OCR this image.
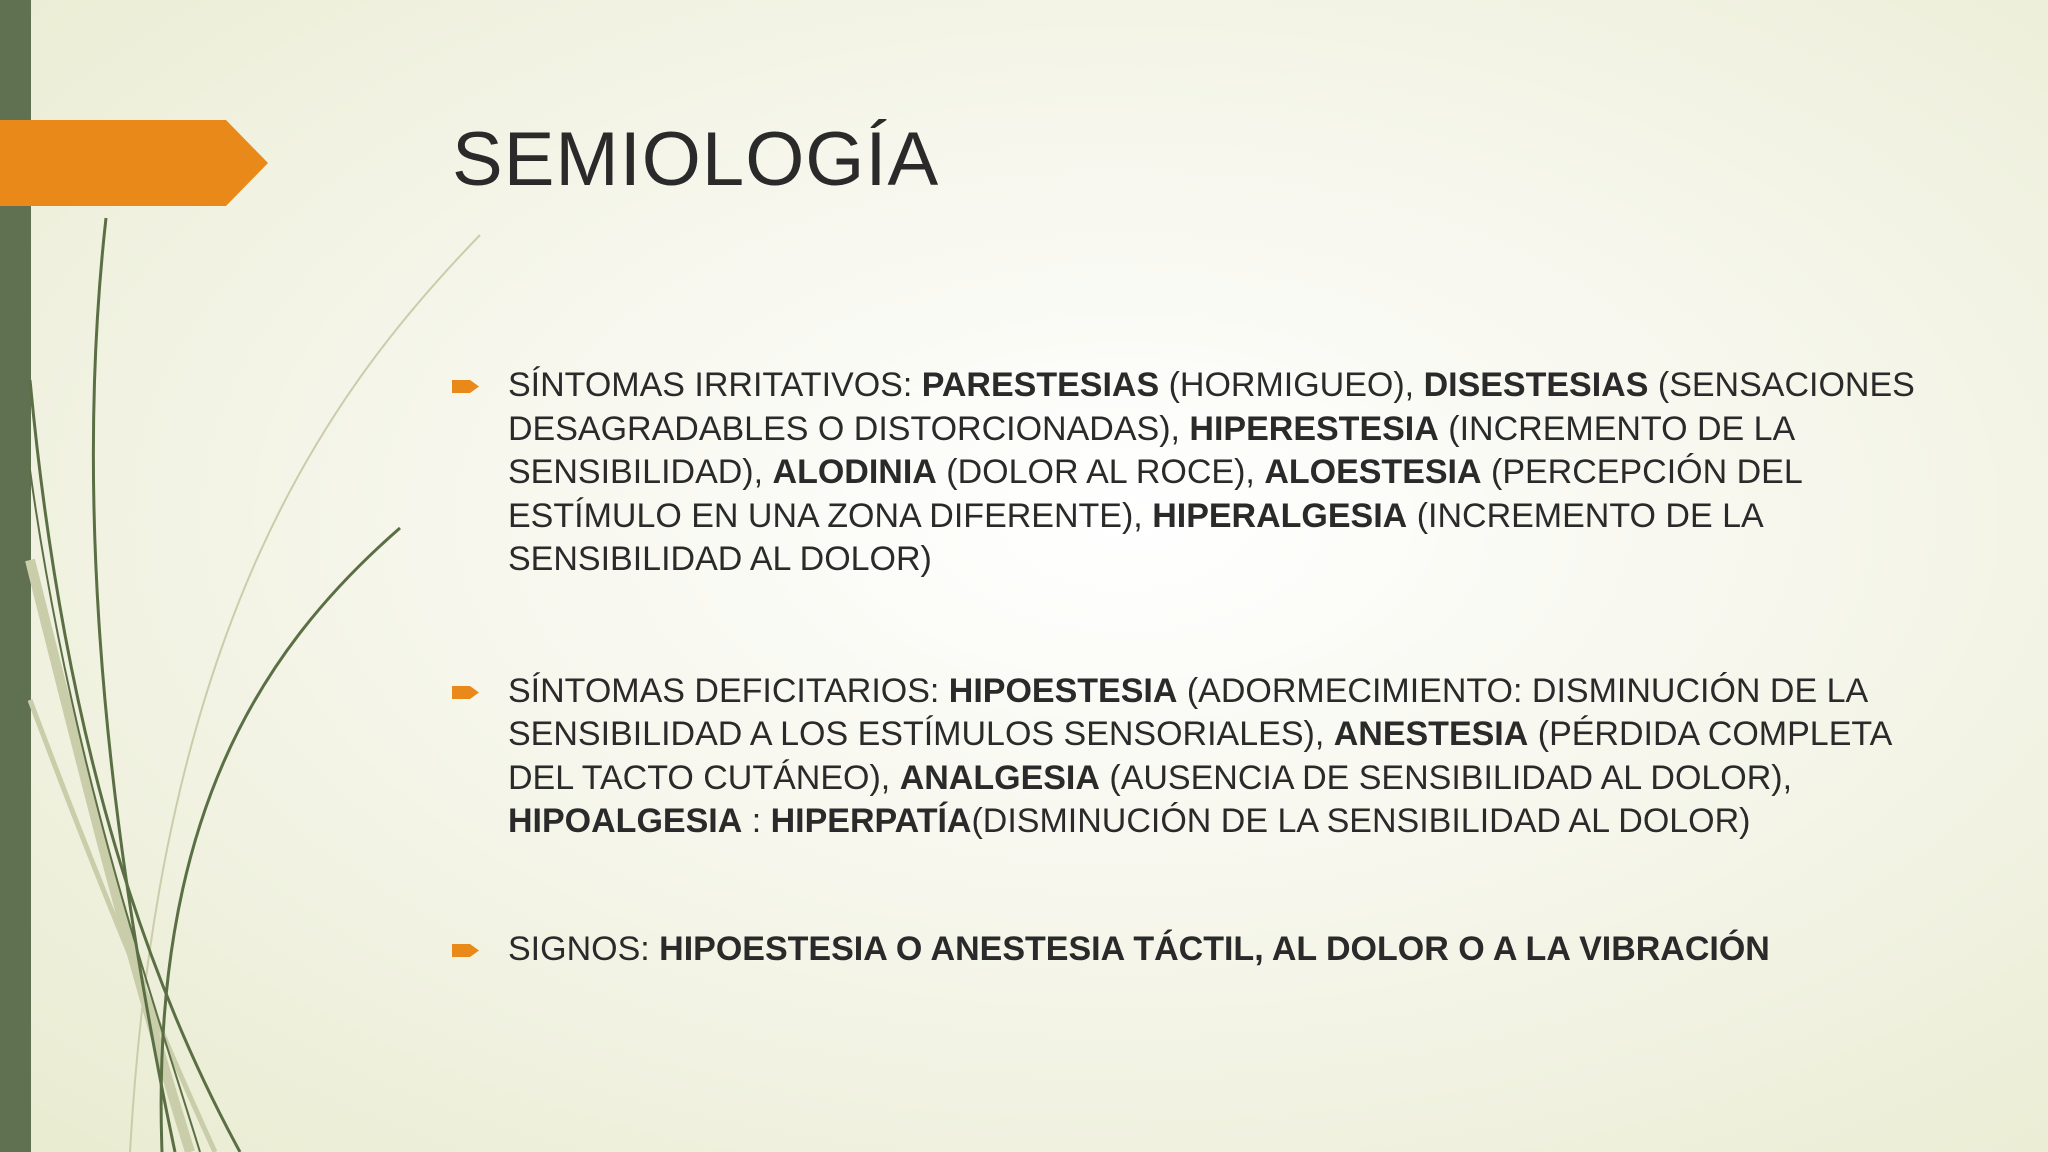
SEMIOLOGÍA
SÍNTOMAS IRRITATIVOS: PARESTESIAS (HORMIGUEO), DISESTESIAS (SENSACIONES DESAGRADABLES O DISTORCIONADAS), HIPERESTESIA (INCREMENTO DE LA SENSIBILIDAD), ALODINIA (DOLOR AL ROCE), ALOESTESIA (PERCEPCIÓN DEL ESTÍMULO EN UNA ZONA DIFERENTE), HIPERALGESIA (INCREMENTO DE LA SENSIBILIDAD AL DOLOR)
SÍNTOMAS DEFICITARIOS: HIPOESTESIA (ADORMECIMIENTO: DISMINUCIÓN DE LA SENSIBILIDAD A LOS ESTÍMULOS SENSORIALES), ANESTESIA (PÉRDIDA COMPLETA DEL TACTO CUTÁNEO), ANALGESIA (AUSENCIA DE SENSIBILIDAD AL DOLOR), HIPOALGESIA : HIPERPATÍA(DISMINUCIÓN DE LA SENSIBILIDAD AL DOLOR)
SIGNOS: HIPOESTESIA O ANESTESIA TÁCTIL, AL DOLOR O A LA VIBRACIÓN
